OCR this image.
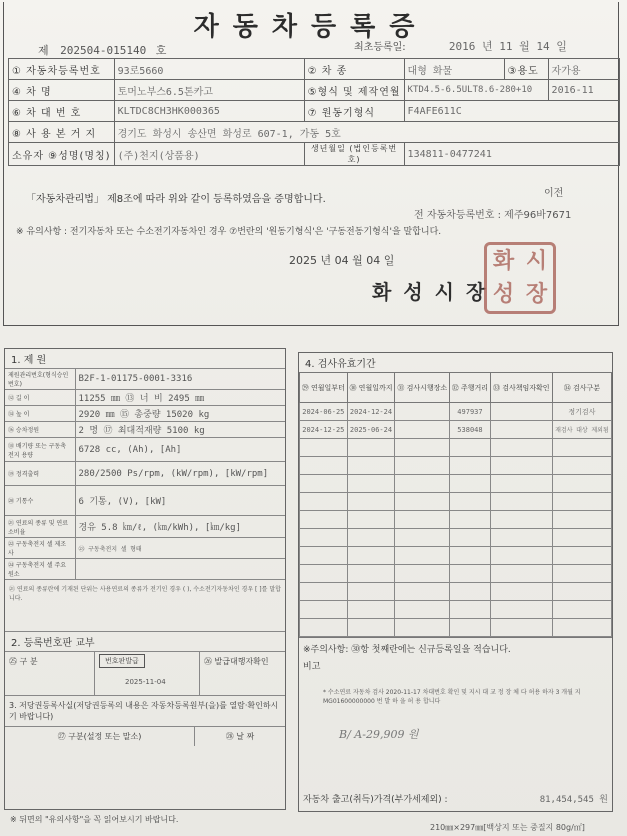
자동차등록증
제 202504-015140 호	최초등록일:	2016 년 11 월 14 일
① 자동차등록번호	93로5660	② 차 종	대형 화물	③용도	자가용
④ 차 명	토머노부스6.5톤카고	⑤형식 및 제작연월	KTD4.5-6.5ULT8.6-280+10		2016-11
⑥ 차 대 번 호	KLTDC8CH3HK000365	⑦ 원동기형식	F4AFE611C		
⑧ 사 용 본 거 지	경기도 화성시 송산면 화성로 607-1, 가동 5호				
소유자 ⑨성명(명칭)	(주)천지(상품용)	생년월일 (법인등록번호)	134811-0477241		
「자동차관리법」 제8조에 따라 위와 같이 등록하였음을 증명합니다.
이전
전 자동차등록번호 : 제주96바7671
※ 유의사항 : 전기자동차 또는 수소전기자동차인 경우 ⑦번란의 '원동기형식'은 '구동전동기형식'을 말합니다.
2025 년 04 월 04 일
화성시장
화 시
성 장
1. 제 원
제원관리번호(형식승인번호)	B2F-1-01175-0001-3316
⑫ 길 이	11255 ㎜ ⑬ 너 비 2495 ㎜
⑭ 높 이	2920 ㎜ ⑮ 총중량 15020 kg
⑯ 승차정원	2 명 ⑰ 최대적재량 5100 kg
⑱ 배기량 또는 구동축전지 용량	6728 cc, (Ah), [Ah]
⑲ 정격출력	280/2500 Ps/rpm, (kW/rpm), [kW/rpm]
⑳ 기통수	6 기통, (V), [kW]
㉑ 연료의 종류 및 연료소비율	경유 5.8 ㎞/ℓ, (㎞/kWh), [㎞/kg]
㉒ 구동축전지 셀 제조사	㉓ 구동축전지 셀 형태
㉔ 구동축전지 셀 주요 원소	
㉑ 연료의 종류란에 기재된 단위는 사용연료의 종류가 전기인 경우 ( ), 수소전기자동차인 경우 [ ]를 말합니다.
2. 등록번호판 교부
㉕ 구 분	번호판발급
2025-11-04
㉖ 발급대행자확인
3. 저당권등록사실(저당권등록의 내용은 자동차등록원부(을)를 열람·확인하시기 바랍니다)
㉗ 구분(설정 또는 말소)	㉘ 날 짜
4. 검사유효기간
㉙ 연월일부터	㉚ 연월일까지	㉛ 검사시행장소	㉜ 주행거리	㉝ 검사책임자확인	㉞ 검사구분
2024-06-25	2024-12-24		497937		정기검사
2024-12-25	2025-06-24		538048		재검사 대상 제외됨

※주의사항: ㉚항 첫째란에는 신규등록일을 적습니다.
비고
* 수소연료 자동차 검사 2020-11-17 차대번호 확인 및 지시 대 교 정 장 체 다 허용 하자 3 개월 지 MG01600000000 번 발 하 을 허 용 합니다
B/ A-29,909 원
자동차 출고(취득)가격(부가세제외) :	81,454,545 원
※ 뒤면의 "유의사항"을 꼭 읽어보시기 바랍니다.
210㎜×297㎜[백상지 또는 중질지 80g/㎡]
